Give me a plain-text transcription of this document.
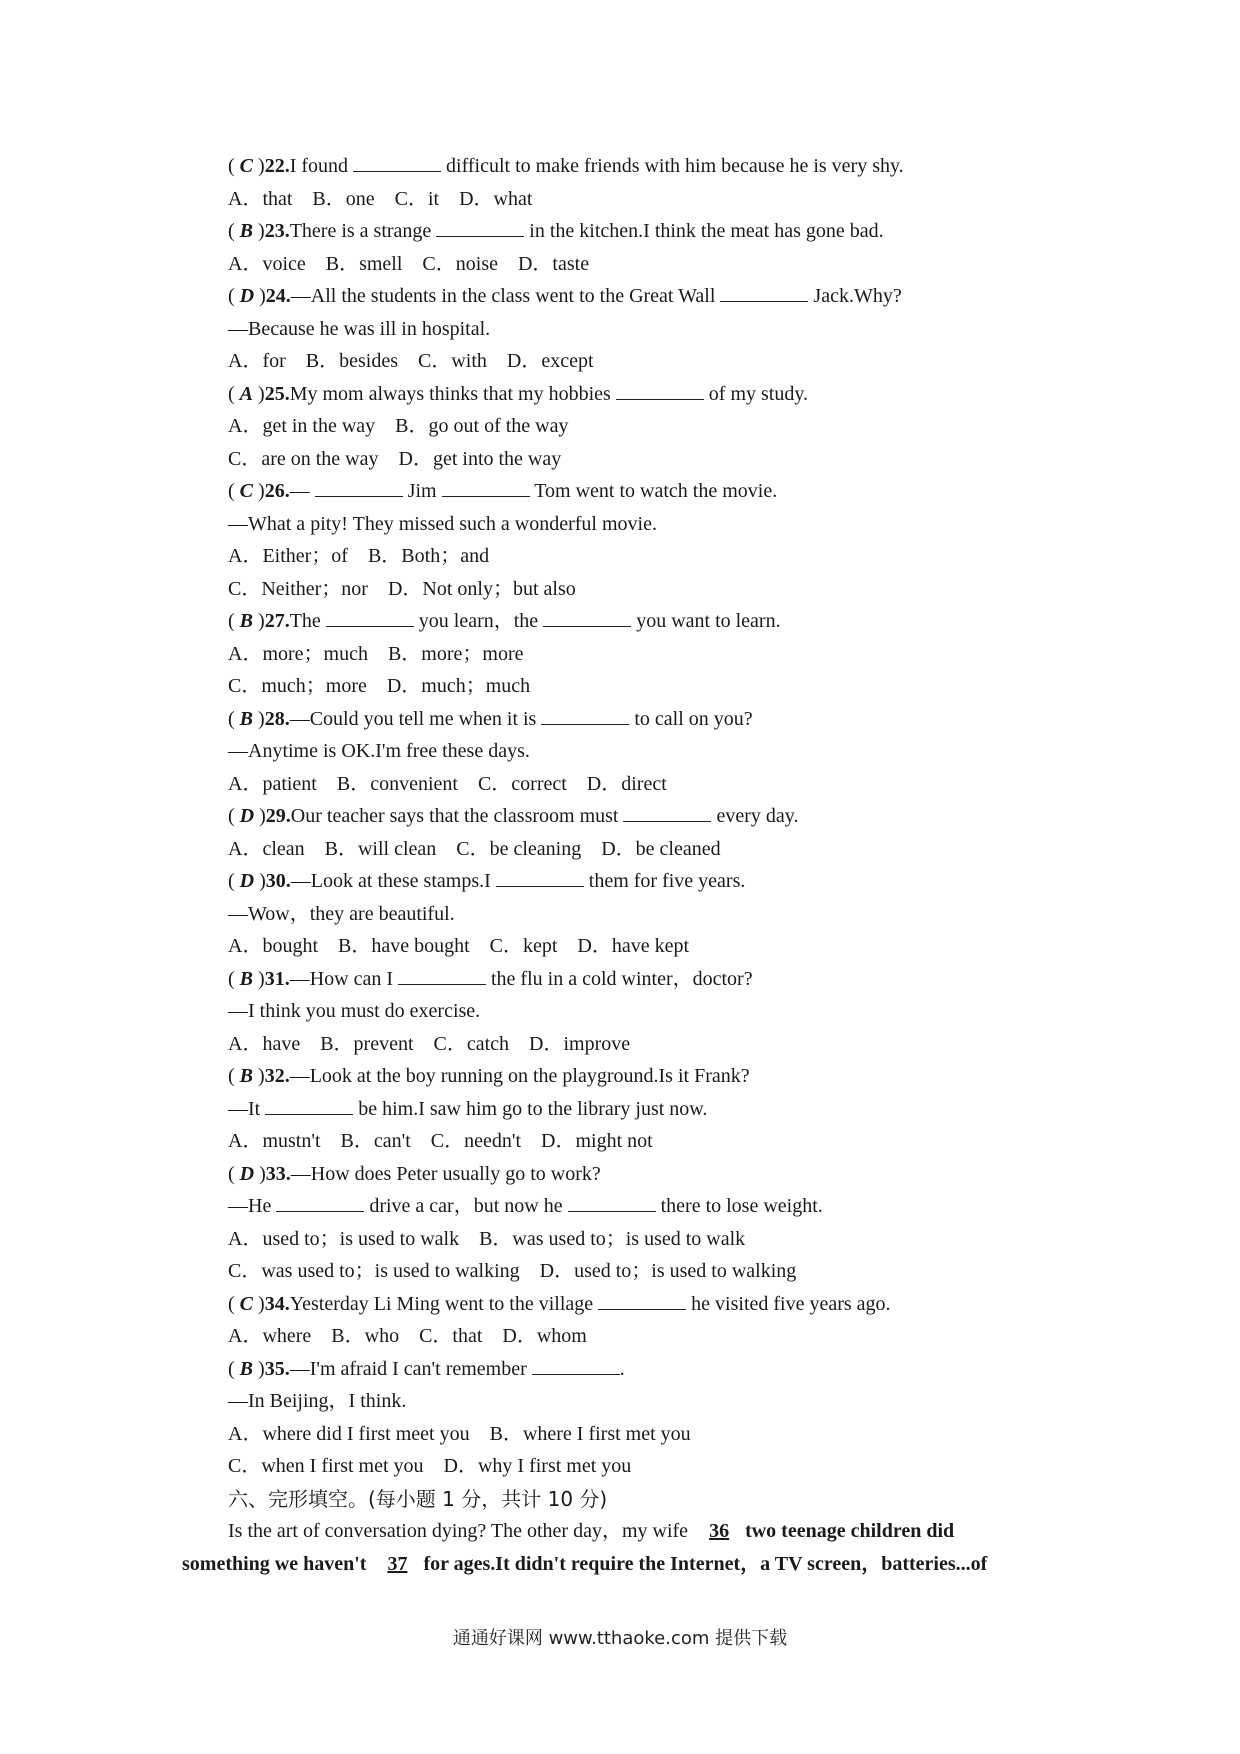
( C )22.I found	difficult to make friends with him because he is very shy.
A．that　B．one　C．it　D．what
( B )23.There is a strange	in the kitchen.I think the meat has gone bad.
A．voice　B．smell　C．noise　D．taste
( D )24.—All the students in the class went to the Great Wall	Jack.Why?
—Because he was ill in hospital.
A．for　B．besides　C．with　D．except
( A )25.My mom always thinks that my hobbies	of my study.
A．get in the way　B．go out of the way
C．are on the way　D．get into the way
( C )26.—	Jim	Tom went to watch the movie.
—What a pity! They missed such a wonderful movie.
A．Either；of　B．Both；and
C．Neither；nor　D．Not only；but also
( B )27.The	you learn，the	you want to learn.
A．more；much　B．more；more
C．much；more　D．much；much
( B )28.—Could you tell me when it is	to call on you?
—Anytime is OK.I'm free these days.
A．patient　B．convenient　C．correct　D．direct
( D )29.Our teacher says that the classroom must	every day.
A．clean　B．will clean　C．be cleaning　D．be cleaned
( D )30.—Look at these stamps.I	them for five years.
—Wow，they are beautiful.
A．bought　B．have bought　C．kept　D．have kept
( B )31.—How can I	the flu in a cold winter，doctor?
—I think you must do exercise.
A．have　B．prevent　C．catch　D．improve
( B )32.—Look at the boy running on the playground.Is it Frank?
—It	be him.I saw him go to the library just now.
A．mustn't　B．can't　C．needn't　D．might not
( D )33.—How does Peter usually go to work?
—He	drive a car，but now he	there to lose weight.
A．used to；is used to walk　B．was used to；is used to walk
C．was used to；is used to walking　D．used to；is used to walking
( C )34.Yesterday Li Ming went to the village	he visited five years ago.
A．where　B．who　C．that　D．whom
( B )35.—I'm afraid I can't remember	.
—In Beijing，I think.
A．where did I first meet you　B．where I first met you
C．when I first met you　D．why I first met you
六、完形填空。(每小题 1 分，共计 10 分)
Is the art of conversation dying? The other day，my wife 36 two teenage children did
something we haven't 37 for ages.It didn't require the Internet，a TV screen，batteries...of
通通好课网 www.tthaoke.com 提供下载
